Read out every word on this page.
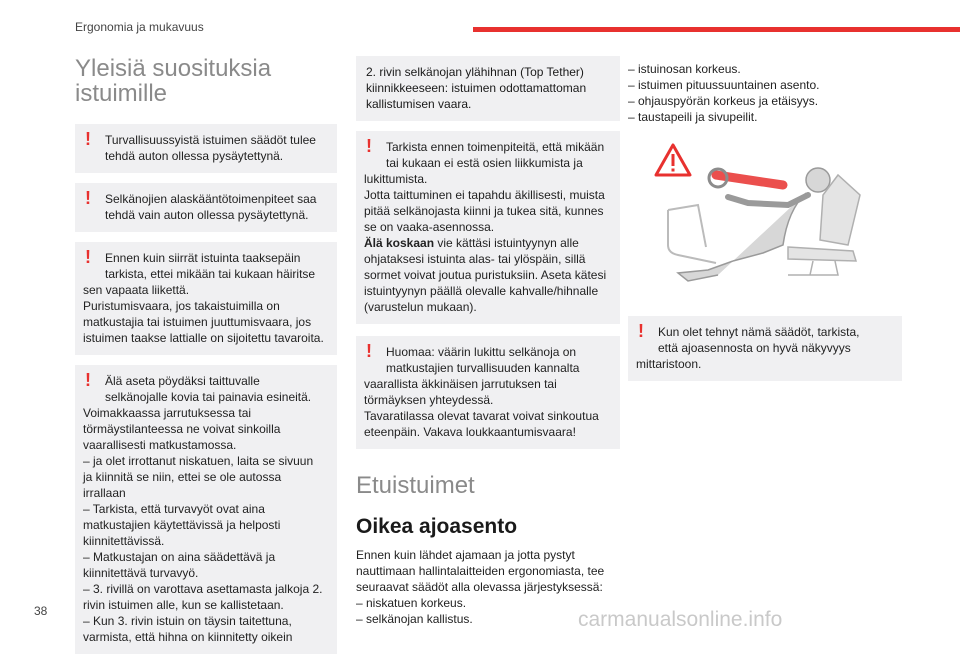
Ergonomia ja mukavuus
38
Yleisiä suosituksia
istuimille
!	Turvallisuussyistä istuimen säädöt tulee
tehdä auton ollessa pysäytettynä.
!	Selkänojien alaskääntötoimenpiteet saa
tehdä vain auton ollessa pysäytettynä.
!	Ennen kuin siirrät istuinta taaksepäin
tarkista, ettei mikään tai kukaan häiritse
sen vapaata liikettä.
Puristumisvaara, jos takaistuimilla on
matkustajia tai istuimen juuttumisvaara, jos
istuimen taakse lattialle on sijoitettu tavaroita.
!	Älä aseta pöydäksi taittuvalle
selkänojalle kovia tai painavia esineitä.
Voimakkaassa jarrutuksessa tai
törmäystilanteessa ne voivat sinkoilla
vaarallisesti matkustamossa.
– ja olet irrottanut niskatuen, laita se sivuun
ja kiinnitä se niin, ettei se ole autossa irrallaan
– Tarkista, että turvavyöt ovat aina
matkustajien käytettävissä ja helposti
kiinnitettävissä.
– Matkustajan on aina säädettävä ja
kiinnitettävä turvavyö.
– 3. rivillä on varottava asettamasta jalkoja 2.
rivin istuimen alle, kun se kallistetaan.
– Kun 3. rivin istuin on täysin taitettuna,
varmista, että hihna on kiinnitetty oikein
2. rivin selkänojan ylähihnan (Top Tether)
kiinnikkeeseen: istuimen odottamattoman
kallistumisen vaara.
!	Tarkista ennen toimenpiteitä, että mikään
tai kukaan ei estä osien liikkumista ja
lukittumista.
Jotta taittuminen ei tapahdu äkillisesti, muista
pitää selkänojasta kiinni ja tukea sitä, kunnes
se on vaaka-asennossa.
Älä koskaan vie kättäsi istuintyynyn alle
ohjataksesi istuinta alas- tai ylöspäin, sillä
sormet voivat joutua puristuksiin. Aseta kätesi
istuintyynyn päällä olevalle kahvalle/hihnalle
(varustelun mukaan).
!	Huomaa: väärin lukittu selkänoja on
matkustajien turvallisuuden kannalta
vaarallista äkkinäisen jarrutuksen tai
törmäyksen yhteydessä.
Tavaratilassa olevat tavarat voivat sinkoutua
eteenpäin. Vakava loukkaantumisvaara!
Etuistuimet
Oikea ajoasento
Ennen kuin lähdet ajamaan ja jotta pystyt
nauttimaan hallintalaitteiden ergonomiasta, tee
seuraavat säädöt alla olevassa järjestyksessä:
– niskatuen korkeus.
– selkänojan kallistus.
– istuinosan korkeus.
– istuimen pituussuuntainen asento.
– ohjauspyörän korkeus ja etäisyys.
– taustapeili ja sivupeilit.
!	Kun olet tehnyt nämä säädöt, tarkista,
että ajoasennosta on hyvä näkyvyys
mittaristoon.
carmanualsonline.info
